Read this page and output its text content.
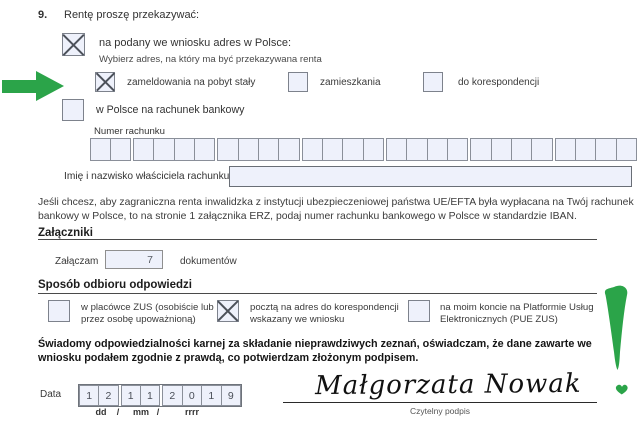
9. Rentę proszę przekazywać:
na podany we wniosku adres w Polsce:
Wybierz adres, na który ma być przekazywana renta
zameldowania na pobyt stały	zamieszkania	do korespondencji
w Polsce na rachunek bankowy
Numer rachunku
Imię i nazwisko właściciela rachunku
Jeśli chcesz, aby zagraniczna renta inwalidzka z instytucji ubezpieczeniowej państwa UE/EFTA była wypłacana na Twój rachunek
bankowy w Polsce, to na stronie 1 załącznika ERZ, podaj numer rachunku bankowego w Polsce w standardzie IBAN.
Załączniki
Załączam	7	dokumentów
Sposób odbioru odpowiedzi
w placówce ZUS (osobiście lub
przez osobę upoważnioną)
pocztą na adres do korespondencji
wskazany we wniosku
na moim koncie na Platformie Usług
Elektronicznych (PUE ZUS)
Świadomy odpowiedzialności karnej za składanie nieprawdziwych zeznań, oświadczam, że dane zawarte we
wniosku podałem zgodnie z prawdą, co potwierdzam złożonym podpisem.
Data	1	2	1	1	2	0	1	9
dd / mm /	rrrr
Małgorzata Nowak
Czytelny podpis
